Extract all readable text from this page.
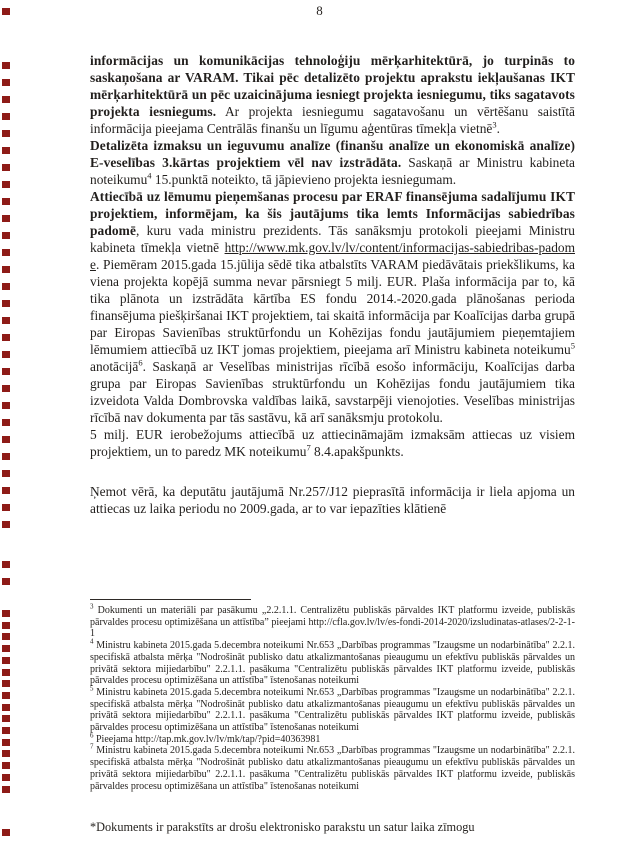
8

informācijas un komunikācijas tehnoloģiju mērķarhitektūrā, jo turpinās to saskaņošana ar VARAM. Tikai pēc detalizēto projektu aprakstu iekļaušanas IKT mērķarhitektūrā un pēc uzaicinājuma iesniegt projekta iesniegumu, tiks sagatavots projekta iesniegums. Ar projekta iesniegumu sagatavošanu un vērtēšanu saistītā informācija pieejama Centrālās finanšu un līgumu aģentūras tīmekļa vietnē$^3$.

Detalizēta izmaksu un ieguvumu analīze (finanšu analīze un ekonomiskā analīze) E-veselības 3.kārtas projektiem vēl nav izstrādāta. Saskaņā ar Ministru kabineta noteikumu$^4$ 15.punktā noteikto, tā jāpievieno projekta iesniegumam.

Attiecībā uz lēmumu pieņemšanas procesu par ERAF finansējuma sadalījumu IKT projektiem, informējam, ka šis jautājums tika lemts Informācijas sabiedrības padomē, kuru vada ministru prezidents. Tās sanāksmju protokoli pieejami Ministru kabineta tīmekļa vietnē http://www.mk.gov.lv/lv/content/informacijas-sabiedribas-padome. Piemēram 2015.gada 15.jūlija sēdē tika atbalstīts VARAM piedāvātais priekšlikums, ka viena projekta kopējā summa nevar pārsniegt 5 milj. EUR. Plaša informācija par to, kā tika plānota un izstrādāta kārtība ES fondu 2014.-2020.gada plānošanas perioda finansējuma piešķiršanai IKT projektiem, tai skaitā informācija par Koalīcijas darba grupā par Eiropas Savienības struktūrfondu un Kohēzijas fondu jautājumiem pieņemtajiem lēmumiem attiecībā uz IKT jomas projektiem, pieejama arī Ministru kabineta noteikumu$^5$ anotācijā$^6$. Saskaņā ar Veselības ministrijas rīcībā esošo informāciju, Koalīcijas darba grupa par Eiropas Savienības struktūrfondu un Kohēzijas fondu jautājumiem tika izveidota Valda Dombrovska valdības laikā, savstarpēji vienojoties. Veselības ministrijas rīcībā nav dokumenta par tās sastāvu, kā arī sanāksmju protokolu.

5 milj. EUR ierobežojums attiecībā uz attiecināmajām izmaksām attiecas uz visiem projektiem, un to paredz MK noteikumu$^7$ 8.4.apakšpunkts.

Ņemot vērā, ka deputātu jautājumā Nr.257/J12 pieprasītā informācija ir liela apjoma un attiecas uz laika periodu no 2009.gada, ar to var iepazīties klātienē

$^3$ Dokumenti un materiāli par pasākumu „2.2.1.1. Centralizētu publiskās pārvaldes IKT platformu izveide, publiskās pārvaldes procesu optimizēšana un attīstība” pieejami http://cfla.gov.lv/lv/es-fondi-2014-2020/izsludinatas-atlases/2-2-1-1

$^4$ Ministru kabineta 2015.gada 5.decembra noteikumi Nr.653 „Darbības programmas "Izaugsme un nodarbinātība" 2.2.1. specifiskā atbalsta mērķa "Nodrošināt publisko datu atkalizmantošanas pieaugumu un efektīvu publiskās pārvaldes un privātā sektora mijiedarbību" 2.2.1.1. pasākuma "Centralizētu publiskās pārvaldes IKT platformu izveide, publiskās pārvaldes procesu optimizēšana un attīstība" īstenošanas noteikumi

$^5$ Ministru kabineta 2015.gada 5.decembra noteikumi Nr.653 „Darbības programmas "Izaugsme un nodarbinātība" 2.2.1. specifiskā atbalsta mērķa "Nodrošināt publisko datu atkalizmantošanas pieaugumu un efektīvu publiskās pārvaldes un privātā sektora mijiedarbību" 2.2.1.1. pasākuma "Centralizētu publiskās pārvaldes IKT platformu izveide, publiskās pārvaldes procesu optimizēšana un attīstība" īstenošanas noteikumi

$^6$ Pieejama http://tap.mk.gov.lv/lv/mk/tap/?pid=40363981

$^7$ Ministru kabineta 2015.gada 5.decembra noteikumi Nr.653 „Darbības programmas "Izaugsme un nodarbinātība" 2.2.1. specifiskā atbalsta mērķa "Nodrošināt publisko datu atkalizmantošanas pieaugumu un efektīvu publiskās pārvaldes un privātā sektora mijiedarbību" 2.2.1.1. pasākuma "Centralizētu publiskās pārvaldes IKT platformu izveide, publiskās pārvaldes procesu optimizēšana un attīstība" īstenošanas noteikumi

*Dokuments ir parakstīts ar drošu elektronisko parakstu un satur laika zīmogu
